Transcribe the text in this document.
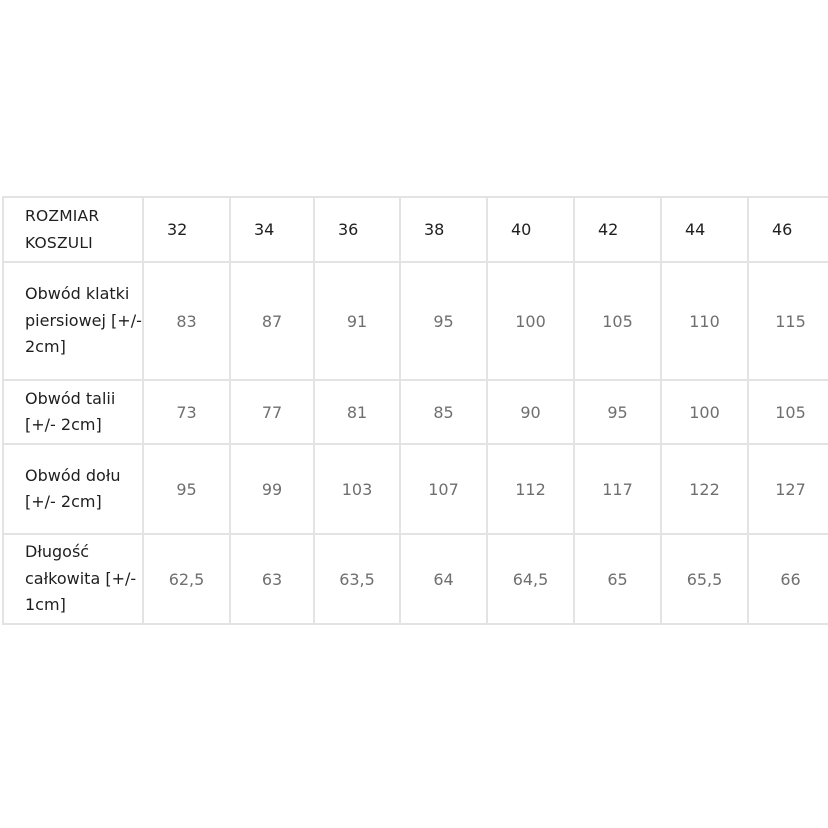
ROZMIAR KOSZULI	32	34	36	38	40	42	44	46
Obwód klatki piersiowej [+/- 2cm]	83	87	91	95	100	105	110	115
Obwód talii [+/- 2cm]	73	77	81	85	90	95	100	105
Obwód dołu [+/- 2cm]	95	99	103	107	112	117	122	127
Długość całkowita [+/- 1cm]	62,5	63	63,5	64	64,5	65	65,5	66
